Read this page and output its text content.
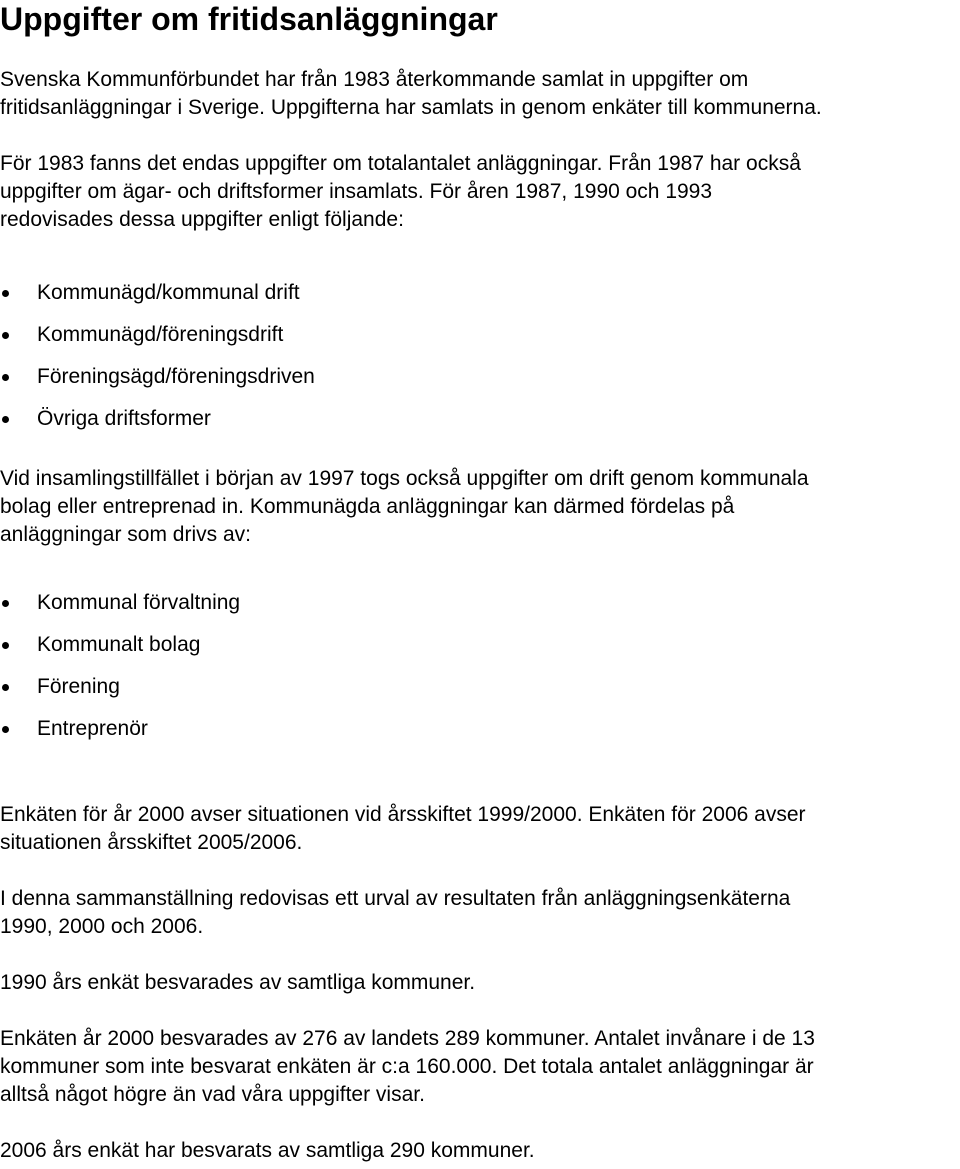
Uppgifter om fritidsanläggningar

Svenska Kommunförbundet har från 1983 återkommande samlat in uppgifter om
fritidsanläggningar i Sverige. Uppgifterna har samlats in genom enkäter till kommunerna.

För 1983 fanns det endas uppgifter om totalantalet anläggningar. Från 1987 har också
uppgifter om ägar- och driftsformer insamlats. För åren 1987, 1990 och 1993
redovisades dessa uppgifter enligt följande:

Kommunägd/kommunal drift
Kommunägd/föreningsdrift
Föreningsägd/föreningsdriven
Övriga driftsformer

Vid insamlingstillfället i början av 1997 togs också uppgifter om drift genom kommunala
bolag eller entreprenad in. Kommunägda anläggningar kan därmed fördelas på
anläggningar som drivs av:

Kommunal förvaltning
Kommunalt bolag
Förening
Entreprenör

Enkäten för år 2000 avser situationen vid årsskiftet 1999/2000. Enkäten för 2006 avser
situationen årsskiftet 2005/2006.

I denna sammanställning redovisas ett urval av resultaten från anläggningsenkäterna
1990, 2000 och 2006.

1990 års enkät besvarades av samtliga kommuner.

Enkäten år 2000 besvarades av 276 av landets 289 kommuner. Antalet invånare i de 13
kommuner som inte besvarat enkäten är c:a 160.000. Det totala antalet anläggningar är
alltså något högre än vad våra uppgifter visar.

2006 års enkät har besvarats av samtliga 290 kommuner.
